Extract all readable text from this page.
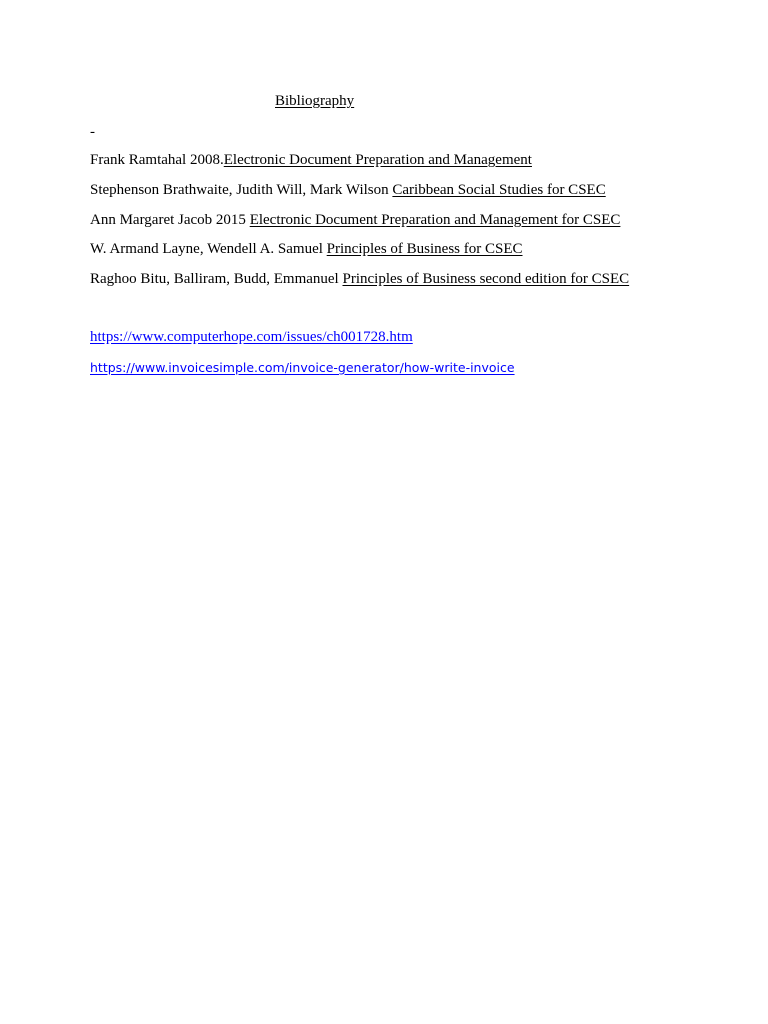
Bibliography
-
Frank Ramtahal 2008.Electronic Document Preparation and Management
Stephenson Brathwaite, Judith Will, Mark Wilson Caribbean Social Studies for CSEC
Ann Margaret Jacob 2015 Electronic Document Preparation and Management for CSEC
W. Armand Layne, Wendell A. Samuel Principles of Business for CSEC
Raghoo Bitu, Balliram, Budd, Emmanuel Principles of Business second edition for CSEC
https://www.computerhope.com/issues/ch001728.htm
https://www.invoicesimple.com/invoice-generator/how-write-invoice
